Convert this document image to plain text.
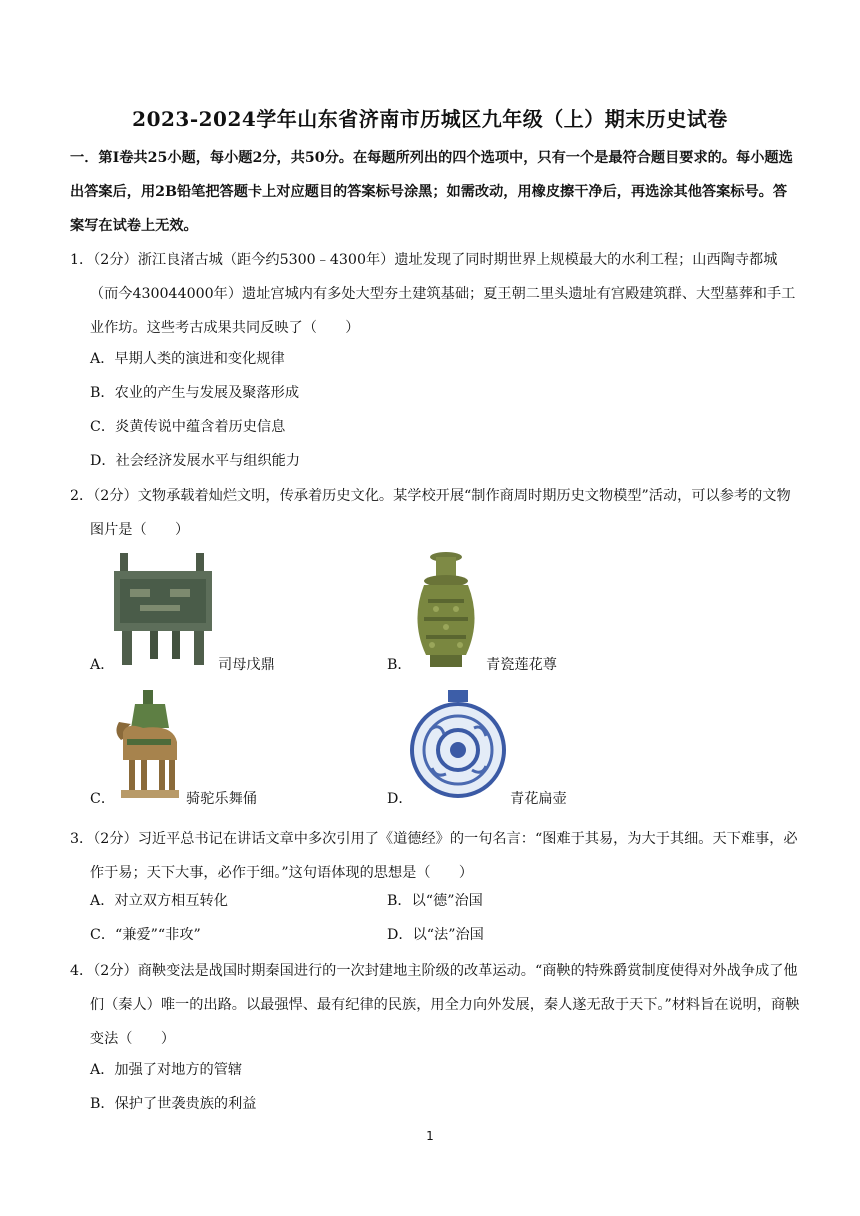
2023-2024学年山东省济南市历城区九年级（上）期末历史试卷
一．第Ⅰ卷共25小题，每小题2分，共50分。在每题所列出的四个选项中，只有一个是最符合题目要求的。每小题选出答案后，用2B铅笔把答题卡上对应题目的答案标号涂黑；如需改动，用橡皮擦干净后，再选涂其他答案标号。答案写在试卷上无效。
1．（2分）浙江良渚古城（距今约5300﹣4300年）遗址发现了同时期世界上规模最大的水利工程；山西陶寺都城（而今430044000年）遗址宫城内有多处大型夯土建筑基础；夏王朝二里头遗址有宫殿建筑群、大型墓葬和手工业作坊。这些考古成果共同反映了（　　）
A．早期人类的演进和变化规律
B．农业的产生与发展及聚落形成
C．炎黄传说中蕴含着历史信息
D．社会经济发展水平与组织能力
2．（2分）文物承载着灿烂文明，传承着历史文化。某学校开展“制作商周时期历史文物模型”活动，可以参考的文物图片是（　　）
A．	司母戊鼎	B．	青瓷莲花尊
C．	骑驼乐舞俑	D．	青花扁壶
3．（2分）习近平总书记在讲话文章中多次引用了《道德经》的一句名言：“图难于其易，为大于其细。天下难事，必作于易；天下大事，必作于细。”这句语体现的思想是（　　）
A．对立双方相互转化	B．以“德”治国
C．“兼爱”“非攻”	D．以“法”治国
4．（2分）商鞅变法是战国时期秦国进行的一次封建地主阶级的改革运动。“商鞅的特殊爵赏制度使得对外战争成了他们（秦人）唯一的出路。以最强悍、最有纪律的民族，用全力向外发展，秦人遂无敌于天下。”材料旨在说明，商鞅变法（　　）
A．加强了对地方的管辖
B．保护了世袭贵族的利益
1
